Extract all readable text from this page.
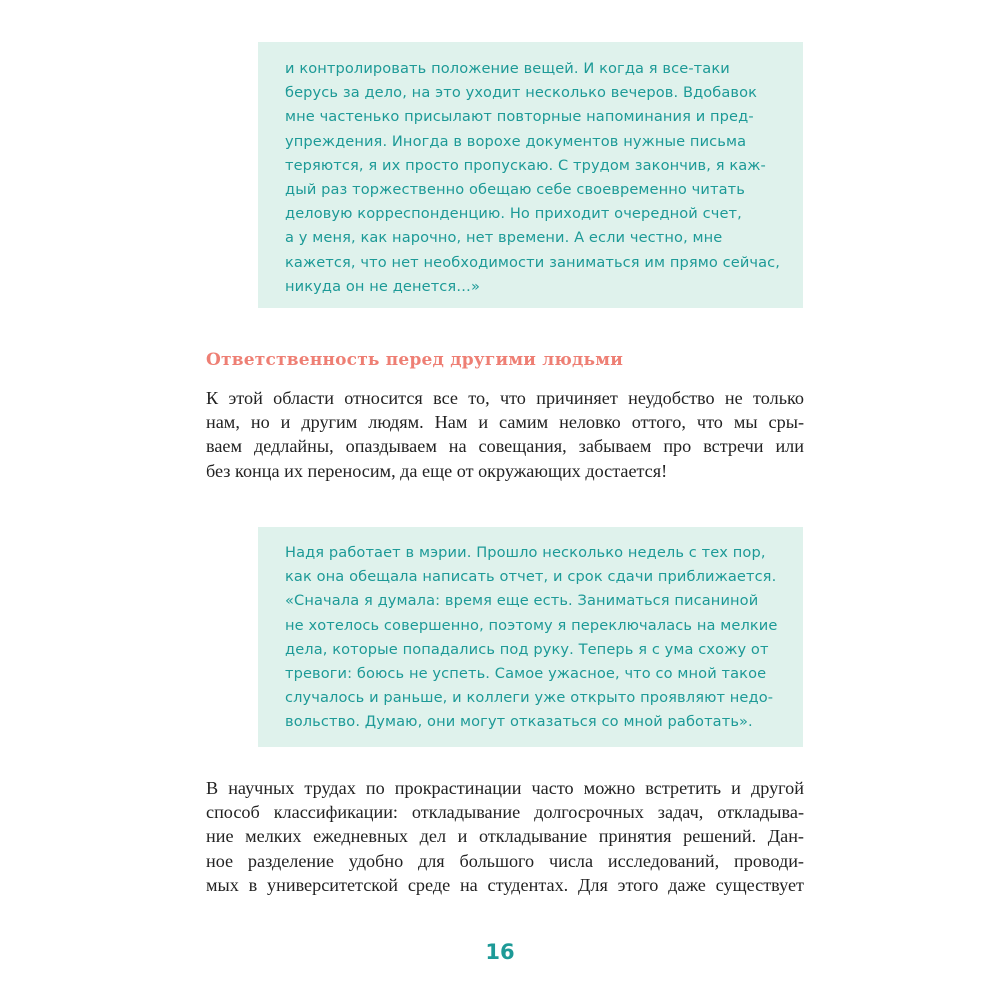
и контролировать положение вещей. И когда я все-таки
берусь за дело, на это уходит несколько вечеров. Вдобавок
мне частенько присылают повторные напоминания и пред-
упреждения. Иногда в ворохе документов нужные письма
теряются, я их просто пропускаю. С трудом закончив, я каж-
дый раз торжественно обещаю себе своевременно читать
деловую корреспонденцию. Но приходит очередной счет,
а у меня, как нарочно, нет времени. А если честно, мне
кажется, что нет необходимости заниматься им прямо сейчас,
никуда он не денется…»
Ответственность перед другими людьми
К этой области относится все то, что причиняет неудобство не только
нам, но и другим людям. Нам и самим неловко оттого, что мы сры-
ваем дедлайны, опаздываем на совещания, забываем про встречи или
без конца их переносим, да еще от окружающих достается!
Надя работает в мэрии. Прошло несколько недель с тех пор,
как она обещала написать отчет, и срок сдачи приближается.
«Сначала я думала: время еще есть. Заниматься писаниной
не хотелось совершенно, поэтому я переключалась на мелкие
дела, которые попадались под руку. Теперь я с ума схожу от
тревоги: боюсь не успеть. Самое ужасное, что со мной такое
случалось и раньше, и коллеги уже открыто проявляют недо-
вольство. Думаю, они могут отказаться со мной работать».
В научных трудах по прокрастинации часто можно встретить и другой
способ классификации: откладывание долгосрочных задач, откладыва-
ние мелких ежедневных дел и откладывание принятия решений. Дан-
ное разделение удобно для большого числа исследований, проводи-
мых в университетской среде на студентах. Для этого даже существует
16
